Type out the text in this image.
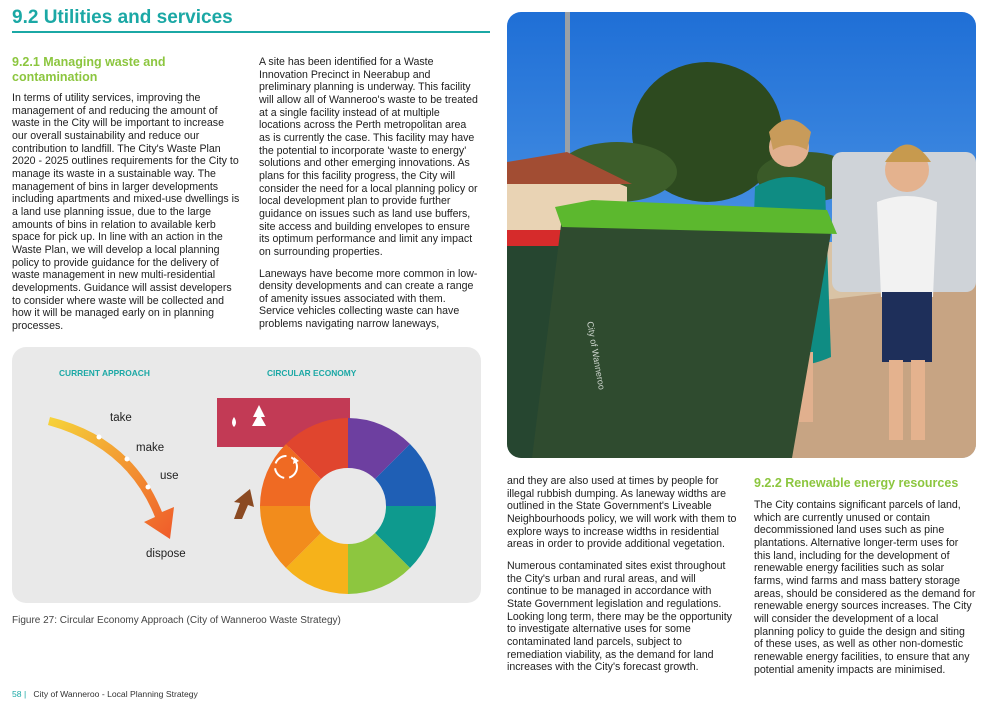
9.2 Utilities and services
9.2.1 Managing waste and contamination

In terms of utility services, improving the management of and reducing the amount of waste in the City will be important to increase our overall sustainability and reduce our contribution to landfill. The City's Waste Plan 2020 - 2025 outlines requirements for the City to manage its waste in a sustainable way. The management of bins in larger developments including apartments and mixed-use dwellings is a land use planning issue, due to the large amounts of bins in relation to available kerb space for pick up. In line with an action in the Waste Plan, we will develop a local planning policy to provide guidance for the delivery of waste management in new multi-residential developments. Guidance will assist developers to consider where waste will be collected and how it will be managed early on in planning processes.

A site has been identified for a Waste Innovation Precinct in Neerabup and preliminary planning is underway. This facility will allow all of Wanneroo's waste to be treated at a single facility instead of at multiple locations across the Perth metropolitan area as is currently the case. This facility may have the potential to incorporate 'waste to energy' solutions and other emerging innovations. As plans for this facility progress, the City will consider the need for a local planning policy or local development plan to provide further guidance on issues such as land use buffers, site access and building envelopes to ensure its optimum performance and limit any impact on surrounding properties.

Laneways have become more common in low-density developments and can create a range of amenity issues associated with them. Service vehicles collecting waste can have problems navigating narrow laneways,	City of Wanneroo

and they are also used at times by people for illegal rubbish dumping. As laneway widths are outlined in the State Government's Liveable Neighbourhoods policy, we will work with them to explore ways to increase widths in residential areas in order to provide additional vegetation.

Numerous contaminated sites exist throughout the City's urban and rural areas, and will continue to be managed in accordance with State Government legislation and regulations. Looking long term, there may be the opportunity to investigate alternative uses for some contaminated land parcels, subject to remediation viability, as the demand for land increases with the City's forecast growth.

9.2.2 Renewable energy resources

The City contains significant parcels of land, which are currently unused or contain decommissioned land uses such as pine plantations. Alternative longer-term uses for this land, including for the development of renewable energy facilities such as solar farms, wind farms and mass battery storage areas, should be considered as the demand for renewable energy sources increases. The City will consider the development of a local planning policy to guide the design and siting of these uses, as well as other non-domestic renewable energy facilities, to ensure that any potential amenity impacts are minimised.

CURRENT APPROACH	CIRCULAR ECONOMY
take
make
use
dispose
Figure 27: Circular Economy Approach (City of Wanneroo Waste Strategy)
58 | City of Wanneroo - Local Planning Strategy
